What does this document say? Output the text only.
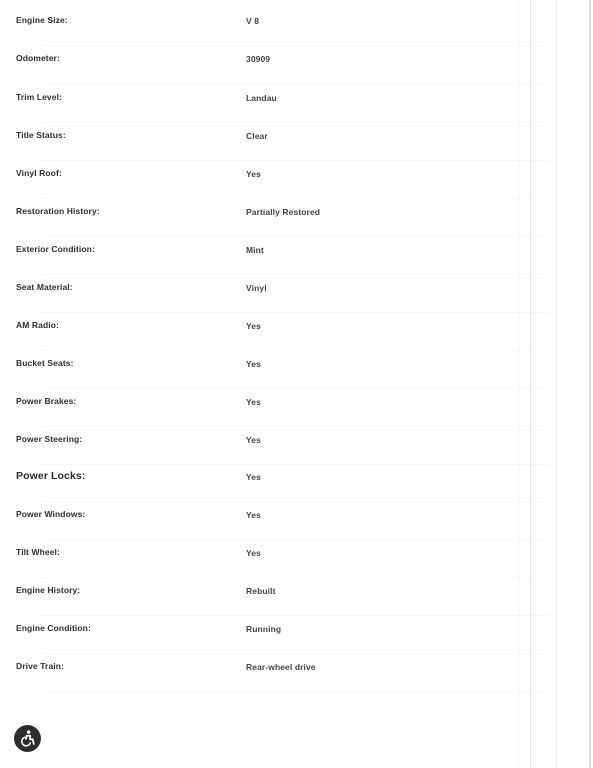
Engine Size:	V 8
Odometer:	30909
Trim Level:	Landau
Title Status:	Clear
Vinyl Roof:	Yes
Restoration History:	Partially Restored
Exterior Condition:	Mint
Seat Material:	Vinyl
AM Radio:	Yes
Bucket Seats:	Yes
Power Brakes:	Yes
Power Steering:	Yes
Power Locks:	Yes
Power Windows:	Yes
Tilt Wheel:	Yes
Engine History:	Rebuilt
Engine Condition:	Running
Drive Train:	Rear-wheel drive
